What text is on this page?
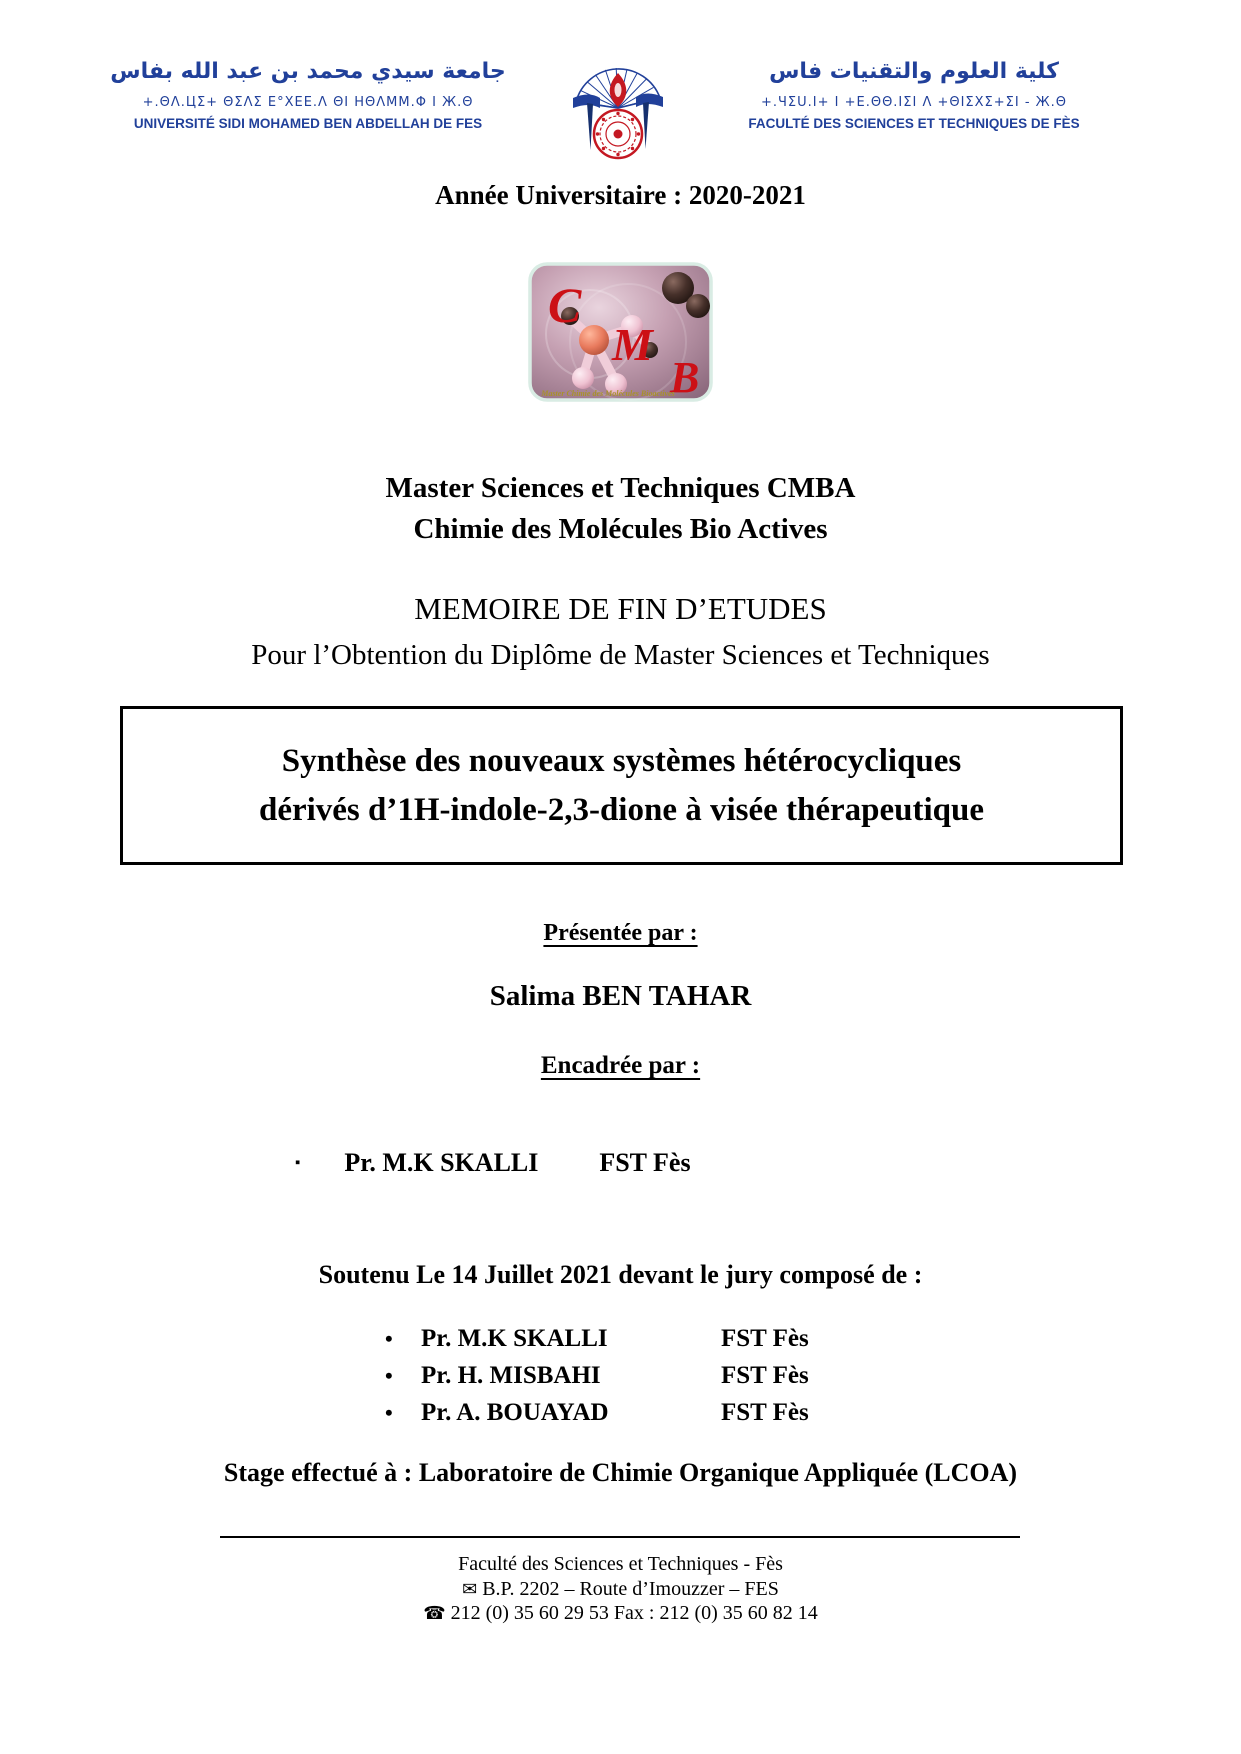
جامعة سيدي محمد بن عبد الله بفاس
+.ΘΛ.ЦΣ+ ΘΣΛΣ Ε°ΧΕΕ.Λ ΘΙ ΗΘΛΜΜ.Φ Ι Ж.Θ
UNIVERSITÉ SIDI MOHAMED BEN ABDELLAH DE FES
كلية العلوم والتقنيات فاس
+.ЧΣU.Ι+ Ι +Ε.ΘΘ.ΙΣΙ Λ +ΘΙΣΧΣ+ΣΙ - Ж.Θ
FACULTÉ DES SCIENCES ET TECHNIQUES DE FÈS
Année Universitaire : 2020-2021
C
M
B
Master Chimie des Molécules Bioactives
Master Sciences et Techniques CMBA
Chimie des Molécules Bio Actives
MEMOIRE DE FIN D’ETUDES
Pour l’Obtention du Diplôme de Master Sciences et Techniques
Synthèse des nouveaux systèmes hétérocycliques
dérivés d’1H-indole-2,3-dione à visée thérapeutique
Présentée par :
Salima BEN TAHAR
Encadrée par :
▪ Pr. M.K SKALLI	FST Fès
Soutenu Le 14 Juillet 2021 devant le jury composé de :
•	Pr. M.K SKALLI	FST Fès
•	Pr. H. MISBAHI	FST Fès
•	Pr. A. BOUAYAD	FST Fès
Stage effectué à : Laboratoire de Chimie Organique Appliquée (LCOA)
Faculté des Sciences et Techniques - Fès
✉ B.P. 2202 – Route d’Imouzzer – FES
☎ 212 (0) 35 60 29 53 Fax : 212 (0) 35 60 82 14
